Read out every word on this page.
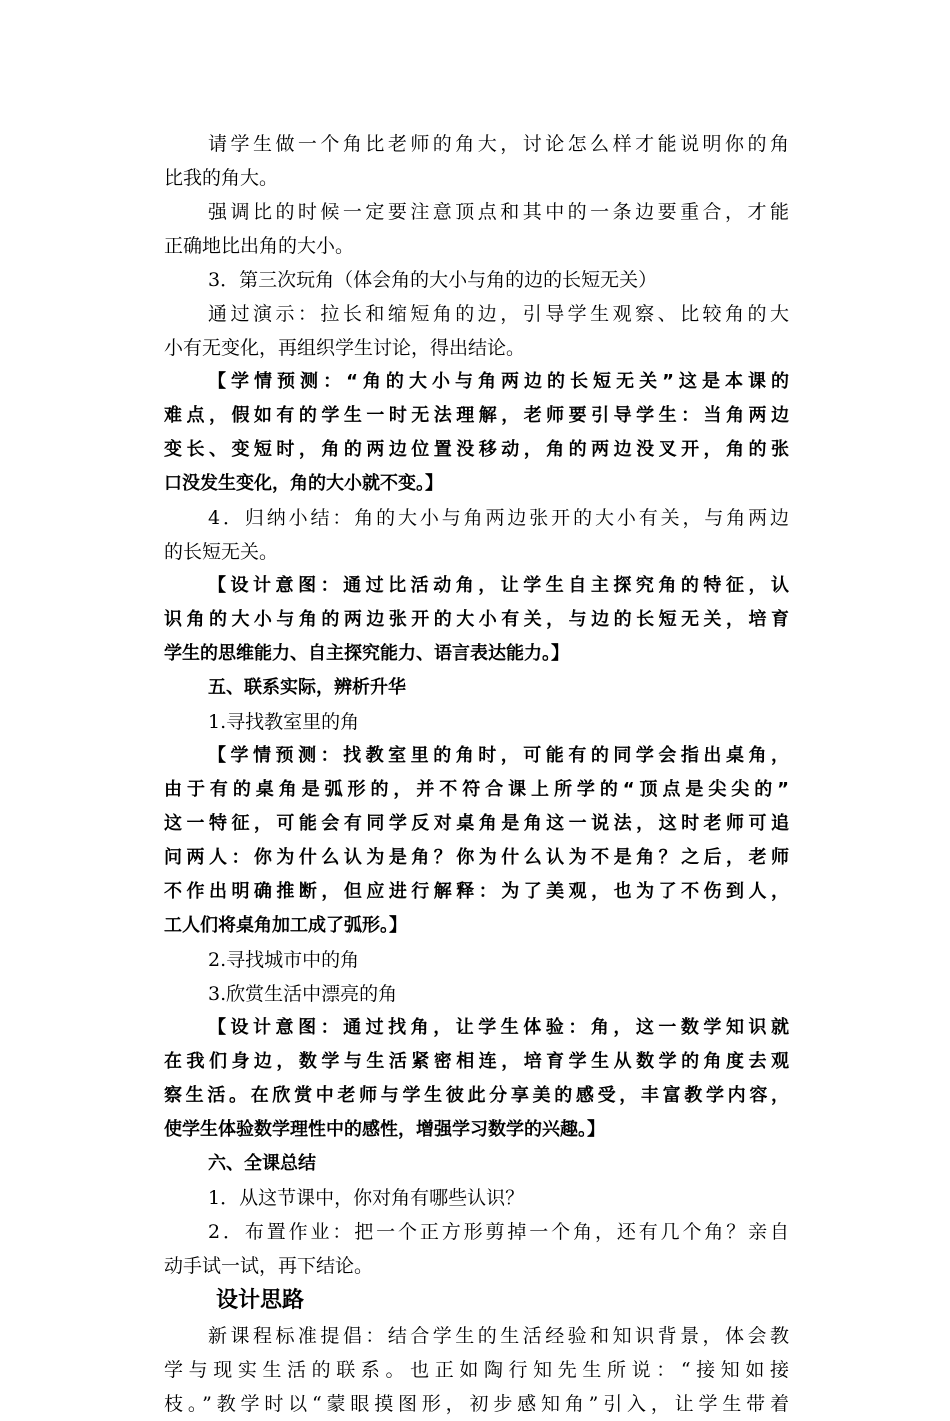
请学生做一个角比老师的角大，讨论怎么样才能说明你的角
比我的角大。
强调比的时候一定要注意顶点和其中的一条边要重合，才能
正确地比出角的大小。
3．第三次玩角（体会角的大小与角的边的长短无关）
通过演示：拉长和缩短角的边，引导学生观察、比较角的大
小有无变化，再组织学生讨论，得出结论。
【学情预测：“角的大小与角两边的长短无关”这是本课的
难点，假如有的学生一时无法理解，老师要引导学生：当角两边
变长、变短时，角的两边位置没移动，角的两边没叉开，角的张
口没发生变化，角的大小就不变。】
4．归纳小结：角的大小与角两边张开的大小有关，与角两边
的长短无关。
【设计意图：通过比活动角，让学生自主探究角的特征，认
识角的大小与角的两边张开的大小有关，与边的长短无关，培育
学生的思维能力、自主探究能力、语言表达能力。】
五、联系实际，辨析升华
1.寻找教室里的角
【学情预测：找教室里的角时，可能有的同学会指出桌角，
由于有的桌角是弧形的，并不符合课上所学的“顶点是尖尖的”
这一特征，可能会有同学反对桌角是角这一说法，这时老师可追
问两人：你为什么认为是角？你为什么认为不是角？之后，老师
不作出明确推断，但应进行解释：为了美观，也为了不伤到人，
工人们将桌角加工成了弧形。】
2.寻找城市中的角
3.欣赏生活中漂亮的角
【设计意图：通过找角，让学生体验：角，这一数学知识就
在我们身边，数学与生活紧密相连，培育学生从数学的角度去观
察生活。在欣赏中老师与学生彼此分享美的感受，丰富教学内容，
使学生体验数学理性中的感性，增强学习数学的兴趣。】
六、全课总结
1．从这节课中，你对角有哪些认识？
2．布置作业：把一个正方形剪掉一个角，还有几个角？亲自
动手试一试，再下结论。
设计思路
新课程标准提倡：结合学生的生活经验和知识背景，体会教
学与现实生活的联系。也正如陶行知先生所说：“接知如接
枝。”教学时以“蒙眼摸图形，初步感知角”引入，让学生带着
